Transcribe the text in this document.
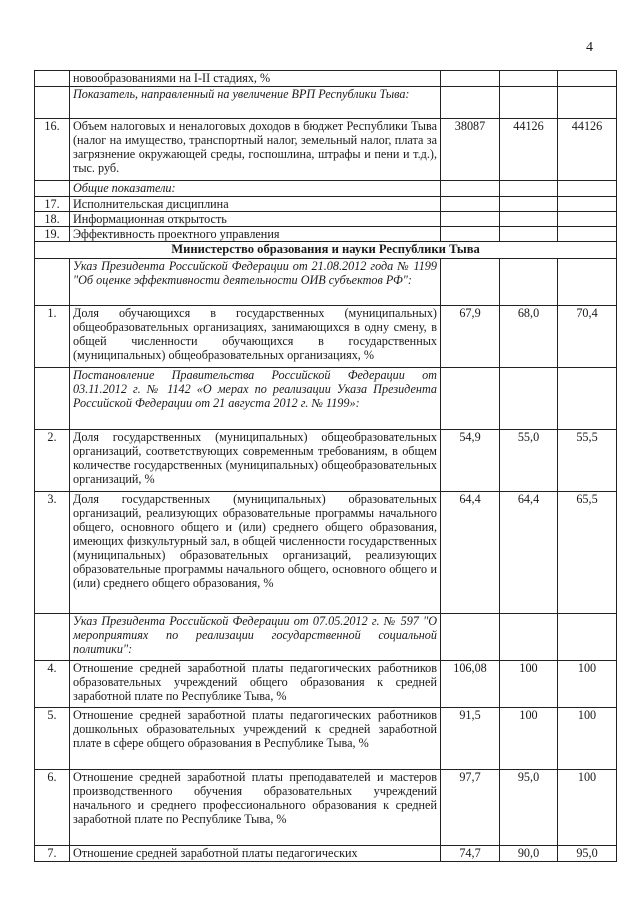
4
	новообразованиями на I-II стадиях, %			
	Показатель, направленный на увеличение ВРП Республики Тыва:			
16.	Объем налоговых и неналоговых доходов в бюджет Республики Тыва (налог на имущество, транспортный налог, земельный налог, плата за загрязнение окружающей среды, госпошлина, штрафы и пени и т.д.), тыс. руб.	38087	44126	44126
	Общие показатели:			
17.	Исполнительская дисциплина			
18.	Информационная открытость			
19.	Эффективность проектного управления			
Министерство образования и науки Республики Тыва				
	Указ Президента Российской Федерации от 21.08.2012 года № 1199 "Об оценке эффективности деятельности ОИВ субъектов РФ":			
1.	Доля обучающихся в государственных (муниципальных) общеобразовательных организациях, занимающихся в одну смену, в общей численности обучающихся в государственных (муниципальных) общеобразовательных организациях, %	67,9	68,0	70,4
	Постановление Правительства Российской Федерации от 03.11.2012 г. № 1142 «О мерах по реализации Указа Президента Российской Федерации от 21 августа 2012 г. № 1199»:			
2.	Доля государственных (муниципальных) общеобразовательных организаций, соответствующих современным требованиям, в общем количестве государственных (муниципальных) общеобразовательных организаций, %	54,9	55,0	55,5
3.	Доля государственных (муниципальных) образовательных организаций, реализующих образовательные программы начального общего, основного общего и (или) среднего общего образования, имеющих физкультурный зал, в общей численности государственных (муниципальных) образовательных организаций, реализующих образовательные программы начального общего, основного общего и (или) среднего общего образования, %	64,4	64,4	65,5
	Указ Президента Российской Федерации от 07.05.2012 г. № 597 "О мероприятиях по реализации государственной социальной политики":			
4.	Отношение средней заработной платы педагогических работников образовательных учреждений общего образования к средней заработной плате по Республике Тыва, %	106,08	100	100
5.	Отношение средней заработной платы педагогических работников дошкольных образовательных учреждений к средней заработной плате в сфере общего образования в Республике Тыва, %	91,5	100	100
6.	Отношение средней заработной платы преподавателей и мастеров производственного обучения образовательных учреждений начального и среднего профессионального образования к средней заработной плате по Республике Тыва, %	97,7	95,0	100
7.	Отношение средней заработной платы педагогических	74,7	90,0	95,0
